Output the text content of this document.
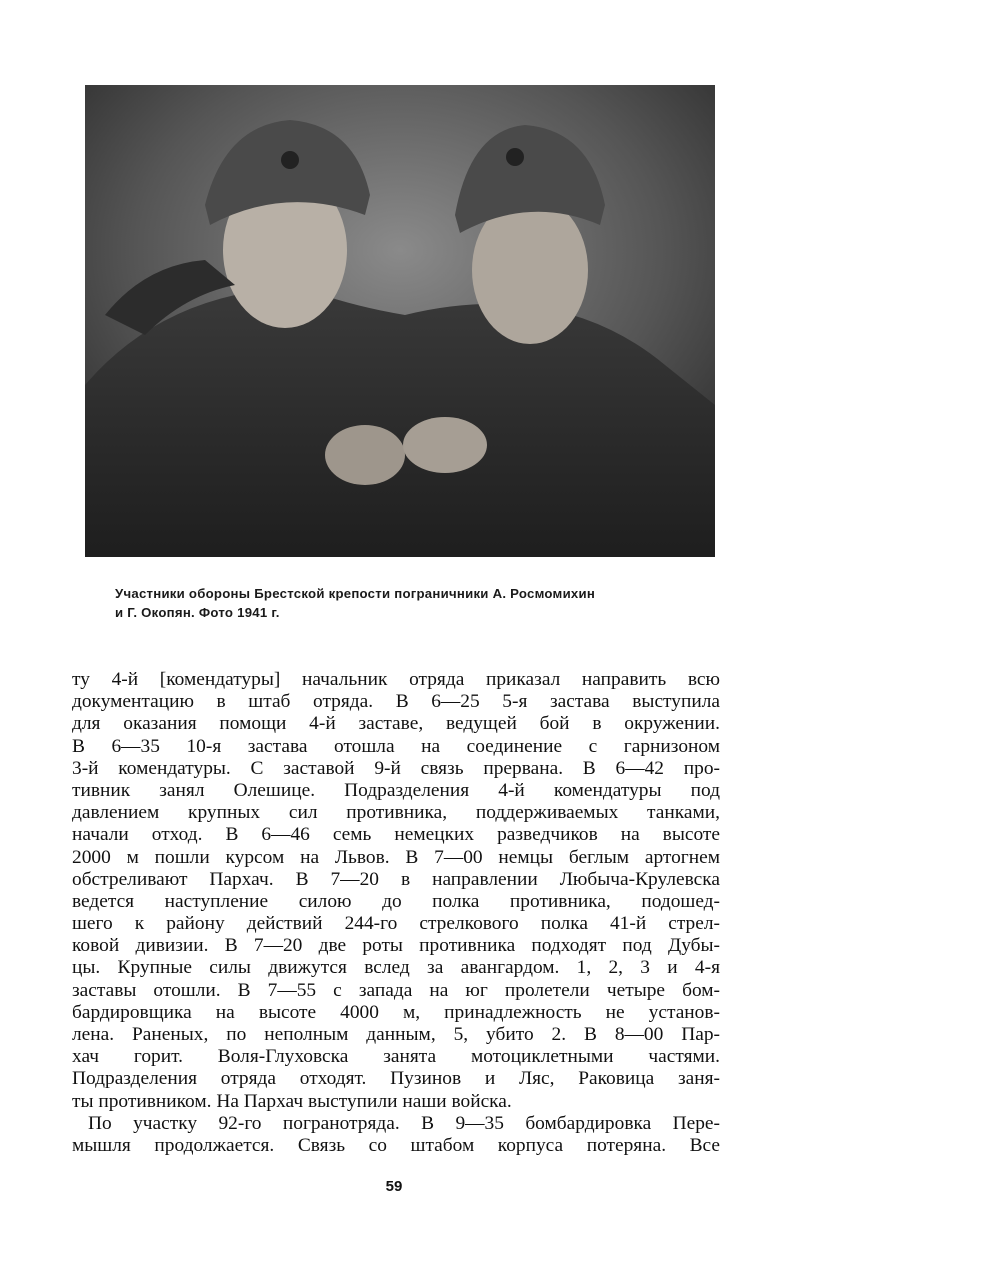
Участники обороны Брестской крепости пограничники А. Росмомихин
и Г. Окопян. Фото 1941 г.
ту 4-й [комендатуры] начальник отряда приказал направить всю
документацию в штаб отряда. В 6—25 5-я застава выступила
для оказания помощи 4-й заставе, ведущей бой в окружении.
В 6—35 10-я застава отошла на соединение с гарнизоном
3-й комендатуры. С заставой 9-й связь прервана. В 6—42 про-
тивник занял Олешице. Подразделения 4-й комендатуры под
давлением крупных сил противника, поддерживаемых танками,
начали отход. В 6—46 семь немецких разведчиков на высоте
2000 м пошли курсом на Львов. В 7—00 немцы беглым артогнем
обстреливают Пархач. В 7—20 в направлении Любыча-Крулевска
ведется наступление силою до полка противника, подошед-
шего к району действий 244-го стрелкового полка 41-й стрел-
ковой дивизии. В 7—20 две роты противника подходят под Дубы-
цы. Крупные силы движутся вслед за авангардом. 1, 2, 3 и 4-я
заставы отошли. В 7—55 с запада на юг пролетели четыре бом-
бардировщика на высоте 4000 м, принадлежность не установ-
лена. Раненых, по неполным данным, 5, убито 2. В 8—00 Пар-
хач горит. Воля-Глуховска занята мотоциклетными частями.
Подразделения отряда отходят. Пузинов и Ляс, Раковица заня-
ты противником. На Пархач выступили наши войска.
По участку 92-го погранотряда. В 9—35 бомбардировка Пере-
мышля продолжается. Связь со штабом корпуса потеряна. Все
59
